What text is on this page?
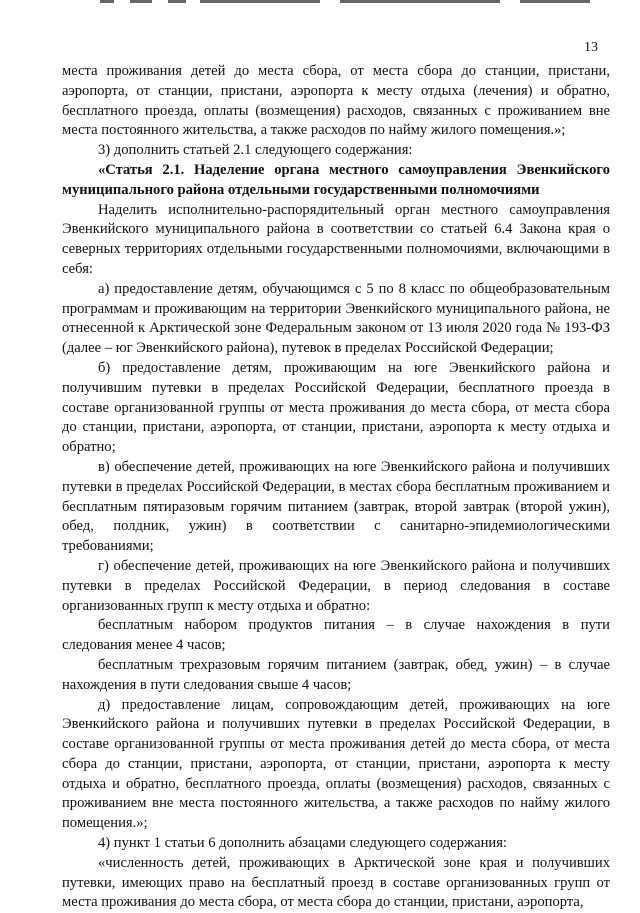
13

места проживания детей до места сбора, от места сбора до станции, пристани, аэропорта, от станции, пристани, аэропорта к месту отдыха (лечения) и обратно, бесплатного проезда, оплаты (возмещения) расходов, связанных с проживанием вне места постоянного жительства, а также расходов по найму жилого помещения.»;

3) дополнить статьей 2.1 следующего содержания:

«Статья 2.1. Наделение органа местного самоуправления Эвенкийского муниципального района отдельными государственными полномочиями

Наделить исполнительно-распорядительный орган местного самоуправления Эвенкийского муниципального района в соответствии со статьей 6.4 Закона края о северных территориях отдельными государственными полномочиями, включающими в себя:

а) предоставление детям, обучающимся с 5 по 8 класс по общеобразовательным программам и проживающим на территории Эвенкийского муниципального района, не отнесенной к Арктической зоне Федеральным законом от 13 июля 2020 года № 193-ФЗ (далее – юг Эвенкийского района), путевок в пределах Российской Федерации;

б) предоставление детям, проживающим на юге Эвенкийского района и получившим путевки в пределах Российской Федерации, бесплатного проезда в составе организованной группы от места проживания до места сбора, от места сбора до станции, пристани, аэропорта, от станции, пристани, аэропорта к месту отдыха и обратно;

в) обеспечение детей, проживающих на юге Эвенкийского района и получивших путевки в пределах Российской Федерации, в местах сбора бесплатным проживанием и бесплатным пятиразовым горячим питанием (завтрак, второй завтрак (второй ужин), обед, полдник, ужин) в соответствии с санитарно-эпидемиологическими требованиями;

г) обеспечение детей, проживающих на юге Эвенкийского района и получивших путевки в пределах Российской Федерации, в период следования в составе организованных групп к месту отдыха и обратно:

бесплатным набором продуктов питания – в случае нахождения в пути следования менее 4 часов;

бесплатным трехразовым горячим питанием (завтрак, обед, ужин) – в случае нахождения в пути следования свыше 4 часов;

д) предоставление лицам, сопровождающим детей, проживающих на юге Эвенкийского района и получивших путевки в пределах Российской Федерации, в составе организованной группы от места проживания детей до места сбора, от места сбора до станции, пристани, аэропорта, от станции, пристани, аэропорта к месту отдыха и обратно, бесплатного проезда, оплаты (возмещения) расходов, связанных с проживанием вне места постоянного жительства, а также расходов по найму жилого помещения.»;

4) пункт 1 статьи 6 дополнить абзацами следующего содержания:

«численность детей, проживающих в Арктической зоне края и получивших путевки, имеющих право на бесплатный проезд в составе организованных групп от места проживания до места сбора, от места сбора до станции, пристани, аэропорта,
